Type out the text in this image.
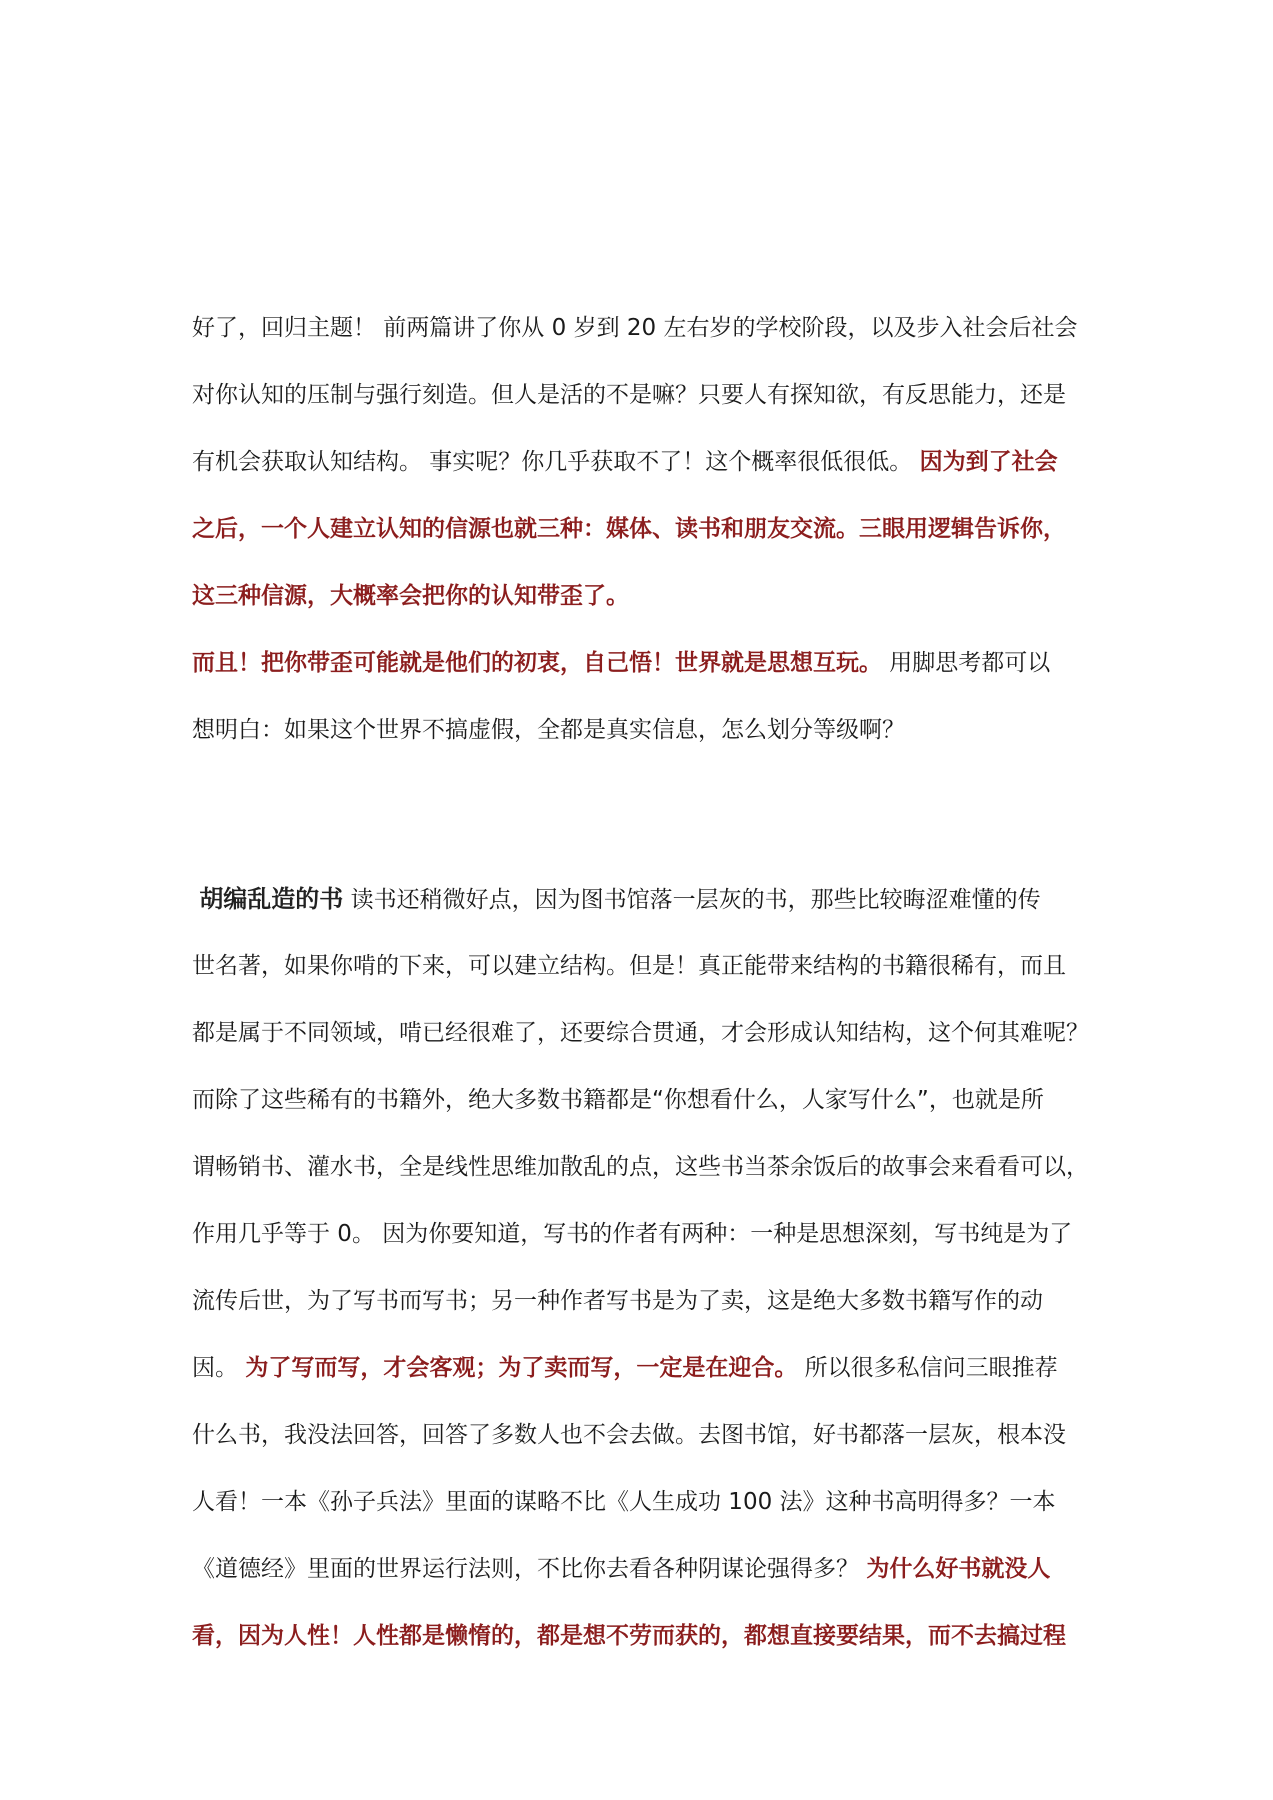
好了，回归主题！ 前两篇讲了你从 0 岁到 20 左右岁的学校阶段，以及步入社会后社会
对你认知的压制与强行刻造。但人是活的不是嘛？只要人有探知欲，有反思能力，还是
有机会获取认知结构。 事实呢？你几乎获取不了！这个概率很低很低。 因为到了社会
之后，一个人建立认知的信源也就三种：媒体、读书和朋友交流。三眼用逻辑告诉你，
这三种信源，大概率会把你的认知带歪了。
而且！把你带歪可能就是他们的初衷，自己悟！世界就是思想互玩。 用脚思考都可以
想明白：如果这个世界不搞虚假，全都是真实信息，怎么划分等级啊？
胡编乱造的书 读书还稍微好点，因为图书馆落一层灰的书，那些比较晦涩难懂的传
世名著，如果你啃的下来，可以建立结构。但是！真正能带来结构的书籍很稀有，而且
都是属于不同领域，啃已经很难了，还要综合贯通，才会形成认知结构，这个何其难呢？
而除了这些稀有的书籍外，绝大多数书籍都是“你想看什么，人家写什么”，也就是所
谓畅销书、灌水书，全是线性思维加散乱的点，这些书当茶余饭后的故事会来看看可以，
作用几乎等于 0。 因为你要知道，写书的作者有两种：一种是思想深刻，写书纯是为了
流传后世，为了写书而写书；另一种作者写书是为了卖，这是绝大多数书籍写作的动
因。 为了写而写，才会客观；为了卖而写，一定是在迎合。 所以很多私信问三眼推荐
什么书，我没法回答，回答了多数人也不会去做。去图书馆，好书都落一层灰，根本没
人看！一本《孙子兵法》里面的谋略不比《人生成功 100 法》这种书高明得多？一本
《道德经》里面的世界运行法则，不比你去看各种阴谋论强得多？ 为什么好书就没人
看，因为人性！人性都是懒惰的，都是想不劳而获的，都想直接要结果，而不去搞过程
